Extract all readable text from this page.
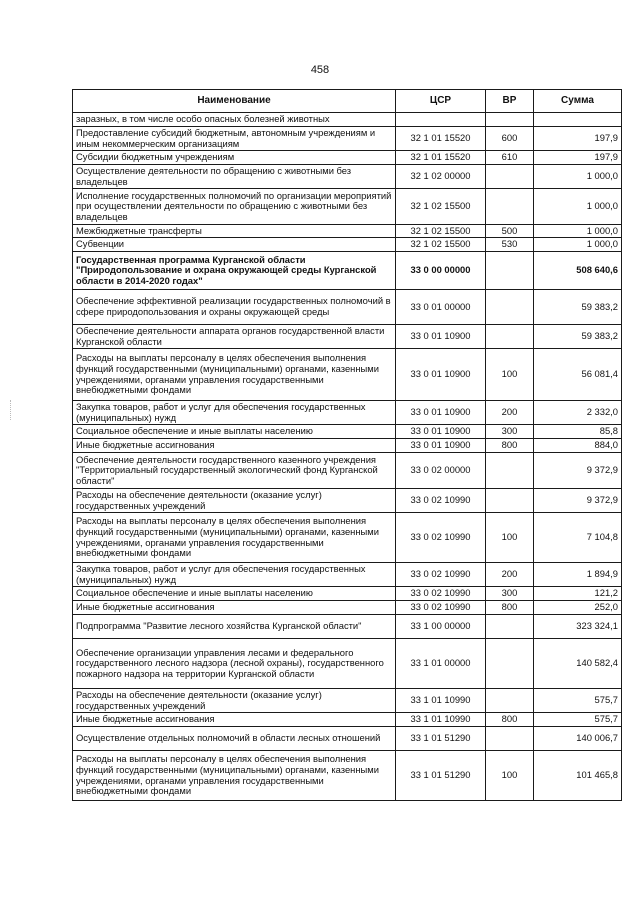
458
Наименование	ЦСР	ВР	Сумма
заразных, в том числе особо опасных болезней животных			
Предоставление субсидий бюджетным, автономным учреждениям и иным некоммерческим организациям	32 1 01 15520	600	197,9
Субсидии бюджетным учреждениям	32 1 01 15520	610	197,9
Осуществление деятельности по обращению с животными без владельцев	32 1 02 00000		1 000,0
Исполнение государственных полномочий по организации мероприятий при осуществлении деятельности по обращению с животными без владельцев	32 1 02 15500		1 000,0
Межбюджетные трансферты	32 1 02 15500	500	1 000,0
Субвенции	32 1 02 15500	530	1 000,0
Государственная программа Курганской области "Природопользование и охрана окружающей среды Курганской области в 2014-2020 годах"	33 0 00 00000		508 640,6
Обеспечение эффективной реализации государственных полномочий в сфере природопользования и охраны окружающей среды	33 0 01 00000		59 383,2
Обеспечение деятельности аппарата органов государственной власти Курганской области	33 0 01 10900		59 383,2
Расходы на выплаты персоналу в целях обеспечения выполнения функций государственными (муниципальными) органами, казенными учреждениями, органами управления государственными внебюджетными фондами	33 0 01 10900	100	56 081,4
Закупка товаров, работ и услуг для обеспечения государственных (муниципальных) нужд	33 0 01 10900	200	2 332,0
Социальное обеспечение и иные выплаты населению	33 0 01 10900	300	85,8
Иные бюджетные ассигнования	33 0 01 10900	800	884,0
Обеспечение деятельности государственного казенного учреждения "Территориальный государственный экологический фонд Курганской области"	33 0 02 00000		9 372,9
Расходы на обеспечение деятельности (оказание услуг) государственных учреждений	33 0 02 10990		9 372,9
Расходы на выплаты персоналу в целях обеспечения выполнения функций государственными (муниципальными) органами, казенными учреждениями, органами управления государственными внебюджетными фондами	33 0 02 10990	100	7 104,8
Закупка товаров, работ и услуг для обеспечения государственных (муниципальных) нужд	33 0 02 10990	200	1 894,9
Социальное обеспечение и иные выплаты населению	33 0 02 10990	300	121,2
Иные бюджетные ассигнования	33 0 02 10990	800	252,0
Подпрограмма "Развитие лесного хозяйства Курганской области"	33 1 00 00000		323 324,1
Обеспечение организации управления лесами и федерального государственного лесного надзора (лесной охраны), государственного пожарного надзора на территории Курганской области	33 1 01 00000		140 582,4
Расходы на обеспечение деятельности (оказание услуг) государственных учреждений	33 1 01 10990		575,7
Иные бюджетные ассигнования	33 1 01 10990	800	575,7
Осуществление отдельных полномочий в области лесных отношений	33 1 01 51290		140 006,7
Расходы на выплаты персоналу в целях обеспечения выполнения функций государственными (муниципальными) органами, казенными учреждениями, органами управления государственными внебюджетными фондами	33 1 01 51290	100	101 465,8
